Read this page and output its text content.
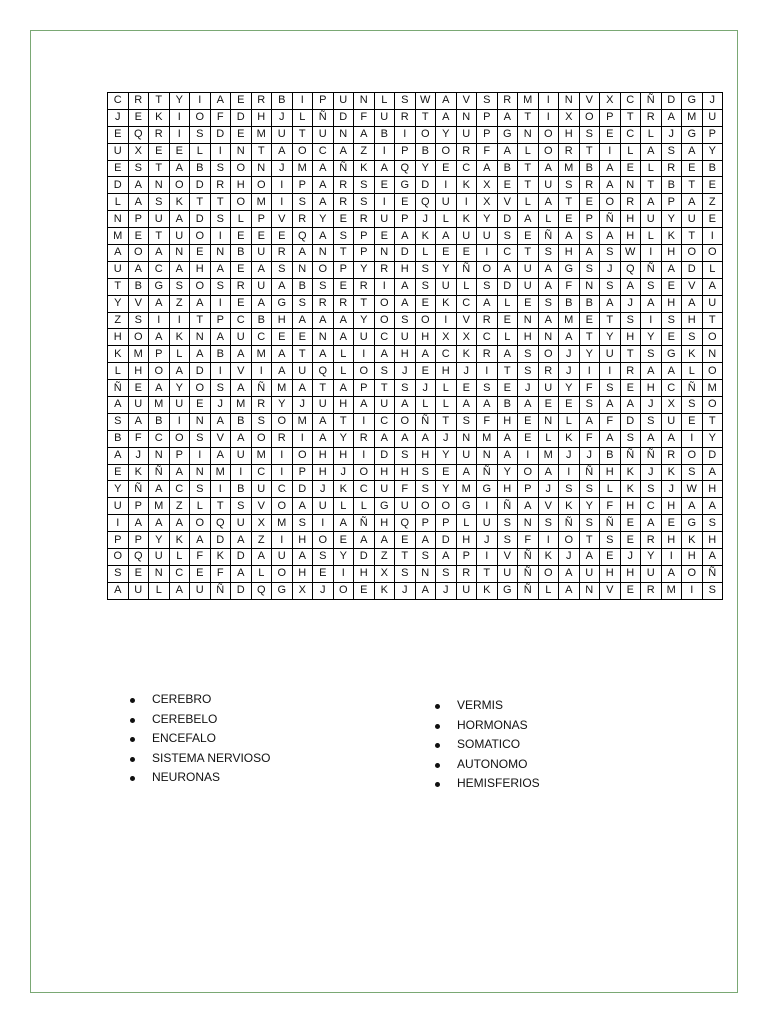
C	R	T	Y	I	A	E	R	B	I	P	U	N	L	S	W	A	V	S	R	M	I	N	V	X	C	Ñ	D	G	J
J	E	K	I	O	F	D	H	J	L	Ñ	D	F	U	R	T	A	N	P	A	T	I	X	O	P	T	R	A	M	U
E	Q	R	I	S	D	E	M	U	T	U	N	A	B	I	O	Y	U	P	G	N	O	H	S	E	C	L	J	G	P
U	X	E	E	L	I	N	T	A	O	C	A	Z	I	P	B	O	R	F	A	L	O	R	T	I	L	A	S	A	Y
E	S	T	A	B	S	O	N	J	M	A	Ñ	K	A	Q	Y	E	C	A	B	T	A	M	B	A	E	L	R	E	B
D	A	N	O	D	R	H	O	I	P	A	R	S	E	G	D	I	K	X	E	T	U	S	R	A	N	T	B	T	E
L	A	S	K	T	T	O	M	I	S	A	R	S	I	E	Q	U	I	X	V	L	A	T	E	O	R	A	P	A	Z
N	P	U	A	D	S	L	P	V	R	Y	E	R	U	P	J	L	K	Y	D	A	L	E	P	Ñ	H	U	Y	U	E
M	E	T	U	O	I	E	E	E	Q	A	S	P	E	A	K	A	U	U	S	E	Ñ	A	S	A	H	L	K	T	I
A	O	A	N	E	N	B	U	R	A	N	T	P	N	D	L	E	E	I	C	T	S	H	A	S	W	I	H	O	O
U	A	C	A	H	A	E	A	S	N	O	P	Y	R	H	S	Y	Ñ	O	A	U	A	G	S	J	Q	Ñ	A	D	L
T	B	G	S	O	S	R	U	A	B	S	E	R	I	A	S	U	L	S	D	U	A	F	N	S	A	S	E	V	A
Y	V	A	Z	A	I	E	A	G	S	R	R	T	O	A	E	K	C	A	L	E	S	B	B	A	J	A	H	A	U
Z	S	I	I	T	P	C	B	H	A	A	A	Y	O	S	O	I	V	R	E	N	A	M	E	T	S	I	S	H	T
H	O	A	K	N	A	U	C	E	E	N	A	U	C	U	H	X	X	C	L	H	N	A	T	Y	H	Y	E	S	O
K	M	P	L	A	B	A	M	A	T	A	L	I	A	H	A	C	K	R	A	S	O	J	Y	U	T	S	G	K	N
L	H	O	A	D	I	V	I	A	U	Q	L	O	S	J	E	H	J	I	T	S	R	J	I	I	R	A	A	L	O
Ñ	E	A	Y	O	S	A	Ñ	M	A	T	A	P	T	S	J	L	E	S	E	J	U	Y	F	S	E	H	C	Ñ	M
A	U	M	U	E	J	M	R	Y	J	U	H	A	U	A	L	L	A	A	B	A	E	E	S	A	A	J	X	S	O
S	A	B	I	N	A	B	S	O	M	A	T	I	C	O	Ñ	T	S	F	H	E	N	L	A	F	D	S	U	E	T
B	F	C	O	S	V	A	O	R	I	A	Y	R	A	A	A	J	N	M	A	E	L	K	F	A	S	A	A	I	Y
A	J	N	P	I	A	U	M	I	O	H	H	I	D	S	H	Y	U	N	A	I	M	J	J	B	Ñ	Ñ	R	O	D
E	K	Ñ	A	N	M	I	C	I	P	H	J	O	H	H	S	E	A	Ñ	Y	O	A	I	Ñ	H	K	J	K	S	A
Y	Ñ	A	C	S	I	B	U	C	D	J	K	C	U	F	S	Y	M	G	H	P	J	S	S	L	K	S	J	W	H
U	P	M	Z	L	T	S	V	O	A	U	L	L	G	U	O	O	G	I	Ñ	A	V	K	Y	F	H	C	H	A	A
I	A	A	A	O	Q	U	X	M	S	I	A	Ñ	H	Q	P	P	L	U	S	N	S	Ñ	S	Ñ	E	A	E	G	S
P	P	Y	K	A	D	A	Z	I	H	O	E	A	A	E	A	D	H	J	S	F	I	O	T	S	E	R	H	K	H
O	Q	U	L	F	K	D	A	U	A	S	Y	D	Z	T	S	A	P	I	V	Ñ	K	J	A	E	J	Y	I	H	A
S	E	N	C	E	F	A	L	O	H	E	I	H	X	S	N	S	R	T	U	Ñ	O	A	U	H	H	U	A	O	Ñ
A	U	L	A	U	Ñ	D	Q	G	X	J	O	E	K	J	A	J	U	K	G	Ñ	L	A	N	V	E	R	M	I	S
CEREBRO
CEREBELO
ENCEFALO
SISTEMA NERVIOSO
NEURONAS
VERMIS
HORMONAS
SOMATICO
AUTONOMO
HEMISFERIOS
